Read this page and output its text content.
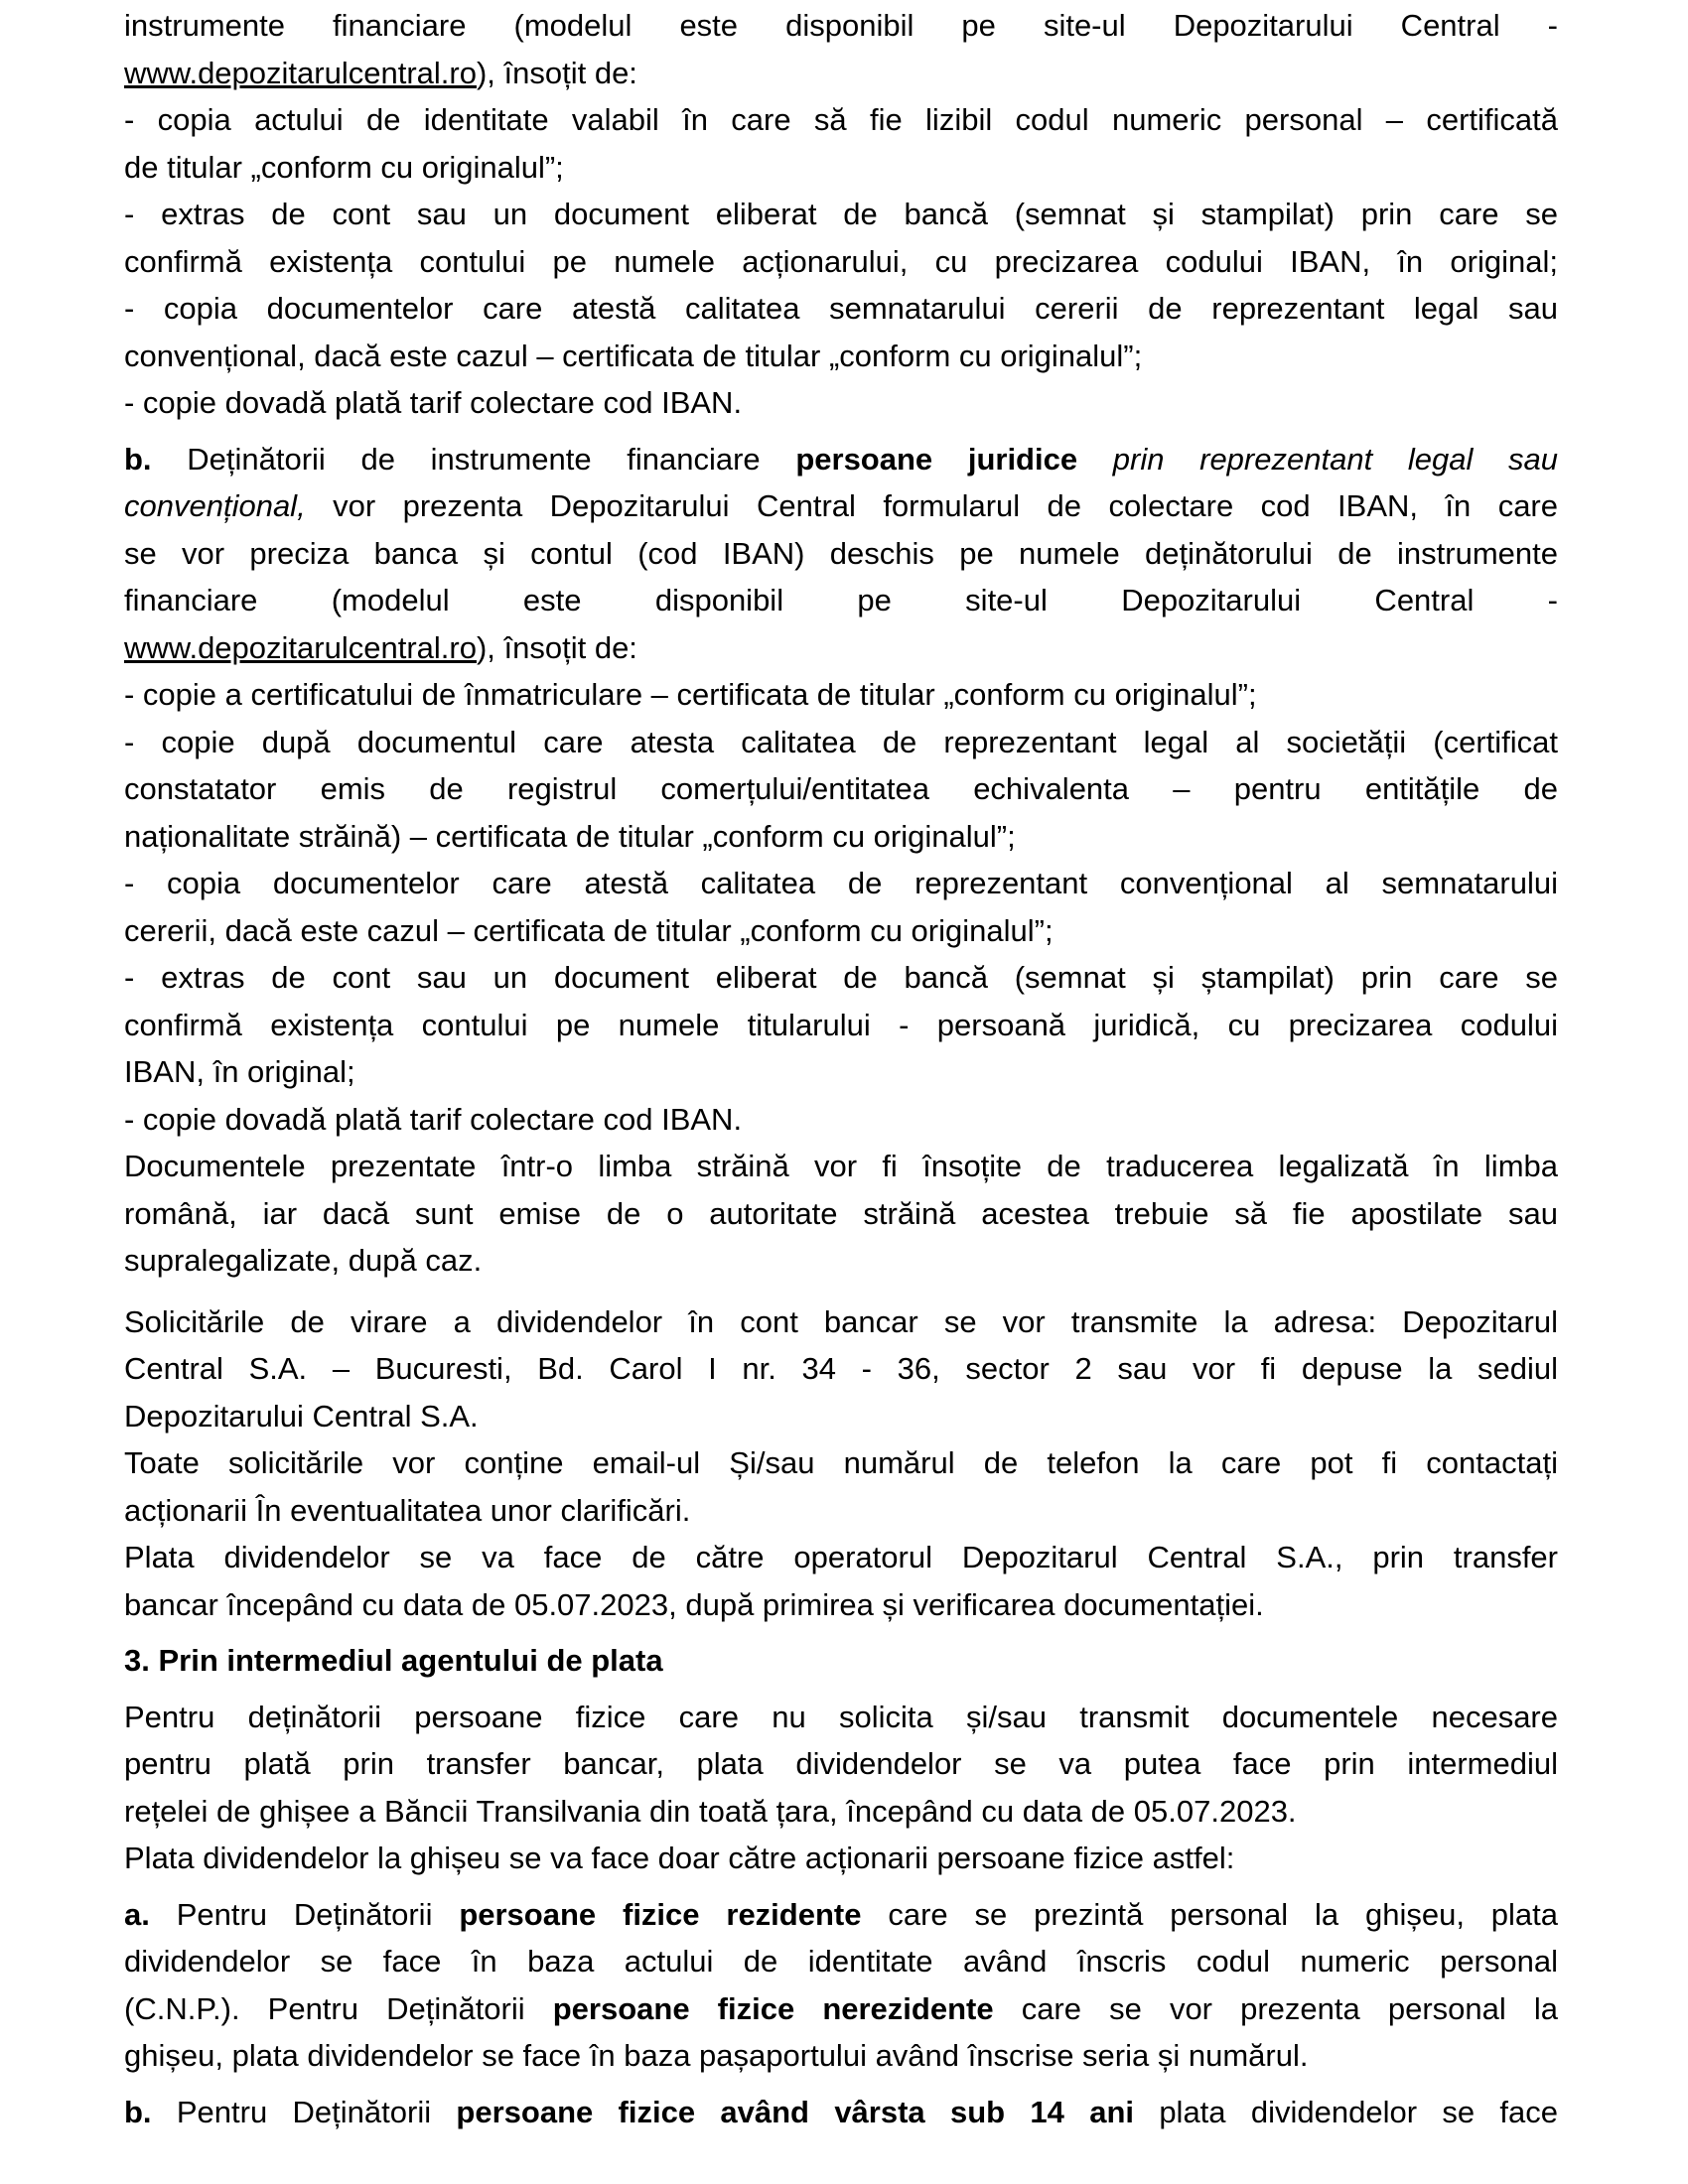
instrumente financiare (modelul este disponibil pe site-ul Depozitarului Central -
www.depozitarulcentral.ro), însoțit de:
- copia actului de identitate valabil în care să fie lizibil codul numeric personal – certificată
de titular „conform cu originalul”;
- extras de cont sau un document eliberat de bancă (semnat și stampilat) prin care se
confirmă existența contului pe numele acționarului, cu precizarea codului IBAN, în original;
- copia documentelor care atestă calitatea semnatarului cererii de reprezentant legal sau
convențional, dacă este cazul – certificata de titular „conform cu originalul”;
- copie dovadă plată tarif colectare cod IBAN.
b. Deținătorii de instrumente financiare persoane juridice prin reprezentant legal sau
convențional, vor prezenta Depozitarului Central formularul de colectare cod IBAN, în care
se vor preciza banca și contul (cod IBAN) deschis pe numele deținătorului de instrumente
financiare (modelul este disponibil pe site-ul Depozitarului Central -
www.depozitarulcentral.ro), însoțit de:
- copie a certificatului de înmatriculare – certificata de titular „conform cu originalul”;
- copie după documentul care atesta calitatea de reprezentant legal al societății (certificat
constatator emis de registrul comerțului/entitatea echivalenta – pentru entitățile de
naționalitate străină) – certificata de titular „conform cu originalul”;
- copia documentelor care atestă calitatea de reprezentant convențional al semnatarului
cererii, dacă este cazul – certificata de titular „conform cu originalul”;
- extras de cont sau un document eliberat de bancă (semnat și ștampilat) prin care se
confirmă existența contului pe numele titularului - persoană juridică, cu precizarea codului
IBAN, în original;
- copie dovadă plată tarif colectare cod IBAN.
Documentele prezentate într-o limba străină vor fi însoțite de traducerea legalizată în limba
română, iar dacă sunt emise de o autoritate străină acestea trebuie să fie apostilate sau
supralegalizate, după caz.
Solicitările de virare a dividendelor în cont bancar se vor transmite la adresa: Depozitarul
Central S.A. – Bucuresti, Bd. Carol I nr. 34 - 36, sector 2 sau vor fi depuse la sediul
Depozitarului Central S.A.
Toate solicitările vor conține email-ul Și/sau numărul de telefon la care pot fi contactați
acționarii În eventualitatea unor clarificări.
Plata dividendelor se va face de către operatorul Depozitarul Central S.A., prin transfer
bancar începând cu data de 05.07.2023, după primirea și verificarea documentației.
3. Prin intermediul agentului de plata
Pentru deținătorii persoane fizice care nu solicita și/sau transmit documentele necesare
pentru plată prin transfer bancar, plata dividendelor se va putea face prin intermediul
rețelei de ghișee a Băncii Transilvania din toată țara, începând cu data de 05.07.2023.
Plata dividendelor la ghișeu se va face doar către acționarii persoane fizice astfel:
a. Pentru Deținătorii persoane fizice rezidente care se prezintă personal la ghișeu, plata
dividendelor se face în baza actului de identitate având înscris codul numeric personal
(C.N.P.). Pentru Deținătorii persoane fizice nerezidente care se vor prezenta personal la
ghișeu, plata dividendelor se face în baza pașaportului având înscrise seria și numărul.
b. Pentru Deținătorii persoane fizice având vârsta sub 14 ani plata dividendelor se face
